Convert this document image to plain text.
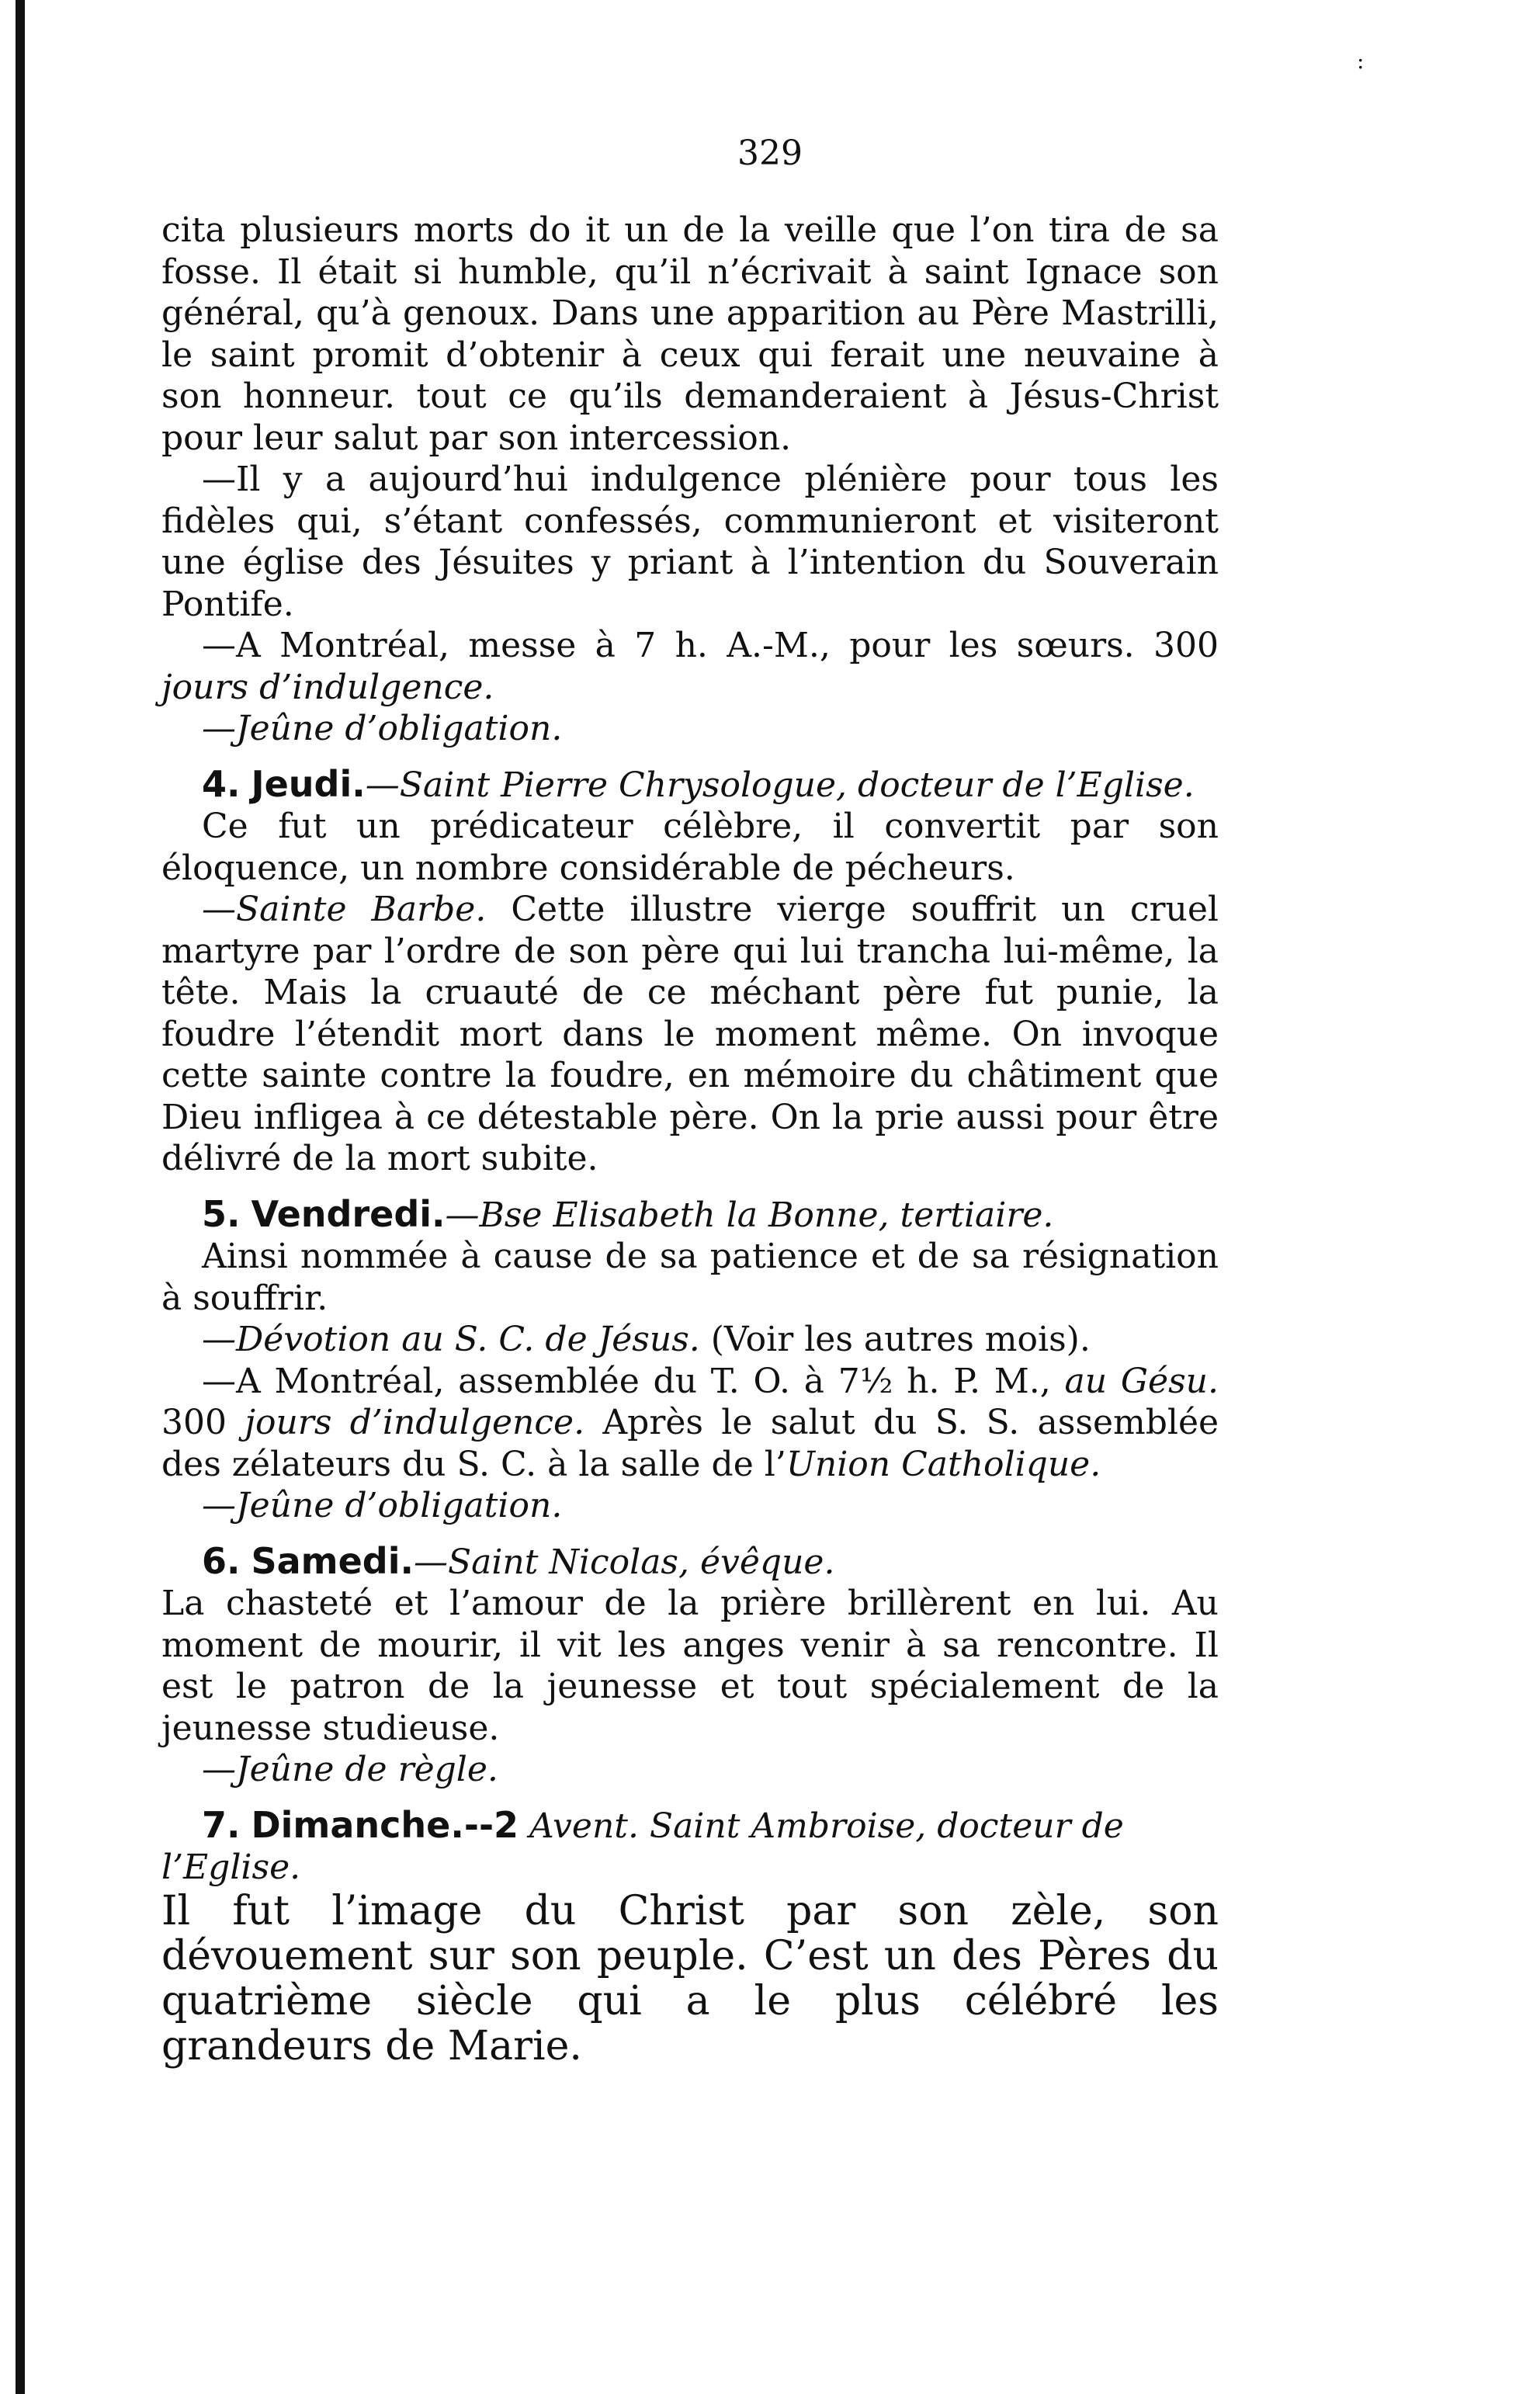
:
329

cita plusieurs morts do it un de la veille que l’on tira de sa fosse. Il était si humble, qu’il n’écrivait à saint Ignace son général, qu’à genoux. Dans une apparition au Père Mastrilli, le saint promit d’obtenir à ceux qui ferait une neuvaine à son honneur. tout ce qu’ils demanderaient à Jésus-Christ pour leur salut par son intercession.

—Il y a aujourd’hui indulgence plénière pour tous les fidèles qui, s’étant confessés, communieront et visiteront une église des Jésuites y priant à l’intention du Souverain Pontife.

—A Montréal, messe à 7 h. A.-M., pour les sœurs. 300 jours d’indulgence.

—Jeûne d’obligation.

4. Jeudi.—Saint Pierre Chrysologue, docteur de l’Eglise.

Ce fut un prédicateur célèbre, il convertit par son éloquence, un nombre considérable de pécheurs.

—Sainte Barbe. Cette illustre vierge souffrit un cruel martyre par l’ordre de son père qui lui trancha lui-même, la tête. Mais la cruauté de ce méchant père fut punie, la foudre l’étendit mort dans le moment même. On invoque cette sainte contre la foudre, en mémoire du châtiment que Dieu infligea à ce détestable père. On la prie aussi pour être délivré de la mort subite.

5. Vendredi.—Bse Elisabeth la Bonne, tertiaire.

Ainsi nommée à cause de sa patience et de sa résignation à souffrir.

—Dévotion au S. C. de Jésus. (Voir les autres mois).

—A Montréal, assemblée du T. O. à 7½ h. P. M., au Gésu. 300 jours d’indulgence. Après le salut du S. S. assemblée des zélateurs du S. C. à la salle de l’Union Catholique.

—Jeûne d’obligation.

6. Samedi.—Saint Nicolas, évêque.

La chasteté et l’amour de la prière brillèrent en lui. Au moment de mourir, il vit les anges venir à sa rencontre. Il est le patron de la jeunesse et tout spécialement de la jeunesse studieuse.

—Jeûne de règle.

7. Dimanche.--2 Avent. Saint Ambroise, docteur de l’Eglise.

Il fut l’image du Christ par son zèle, son dévouement sur son peuple. C’est un des Pères du quatrième siècle qui a le plus célébré les grandeurs de Marie.
